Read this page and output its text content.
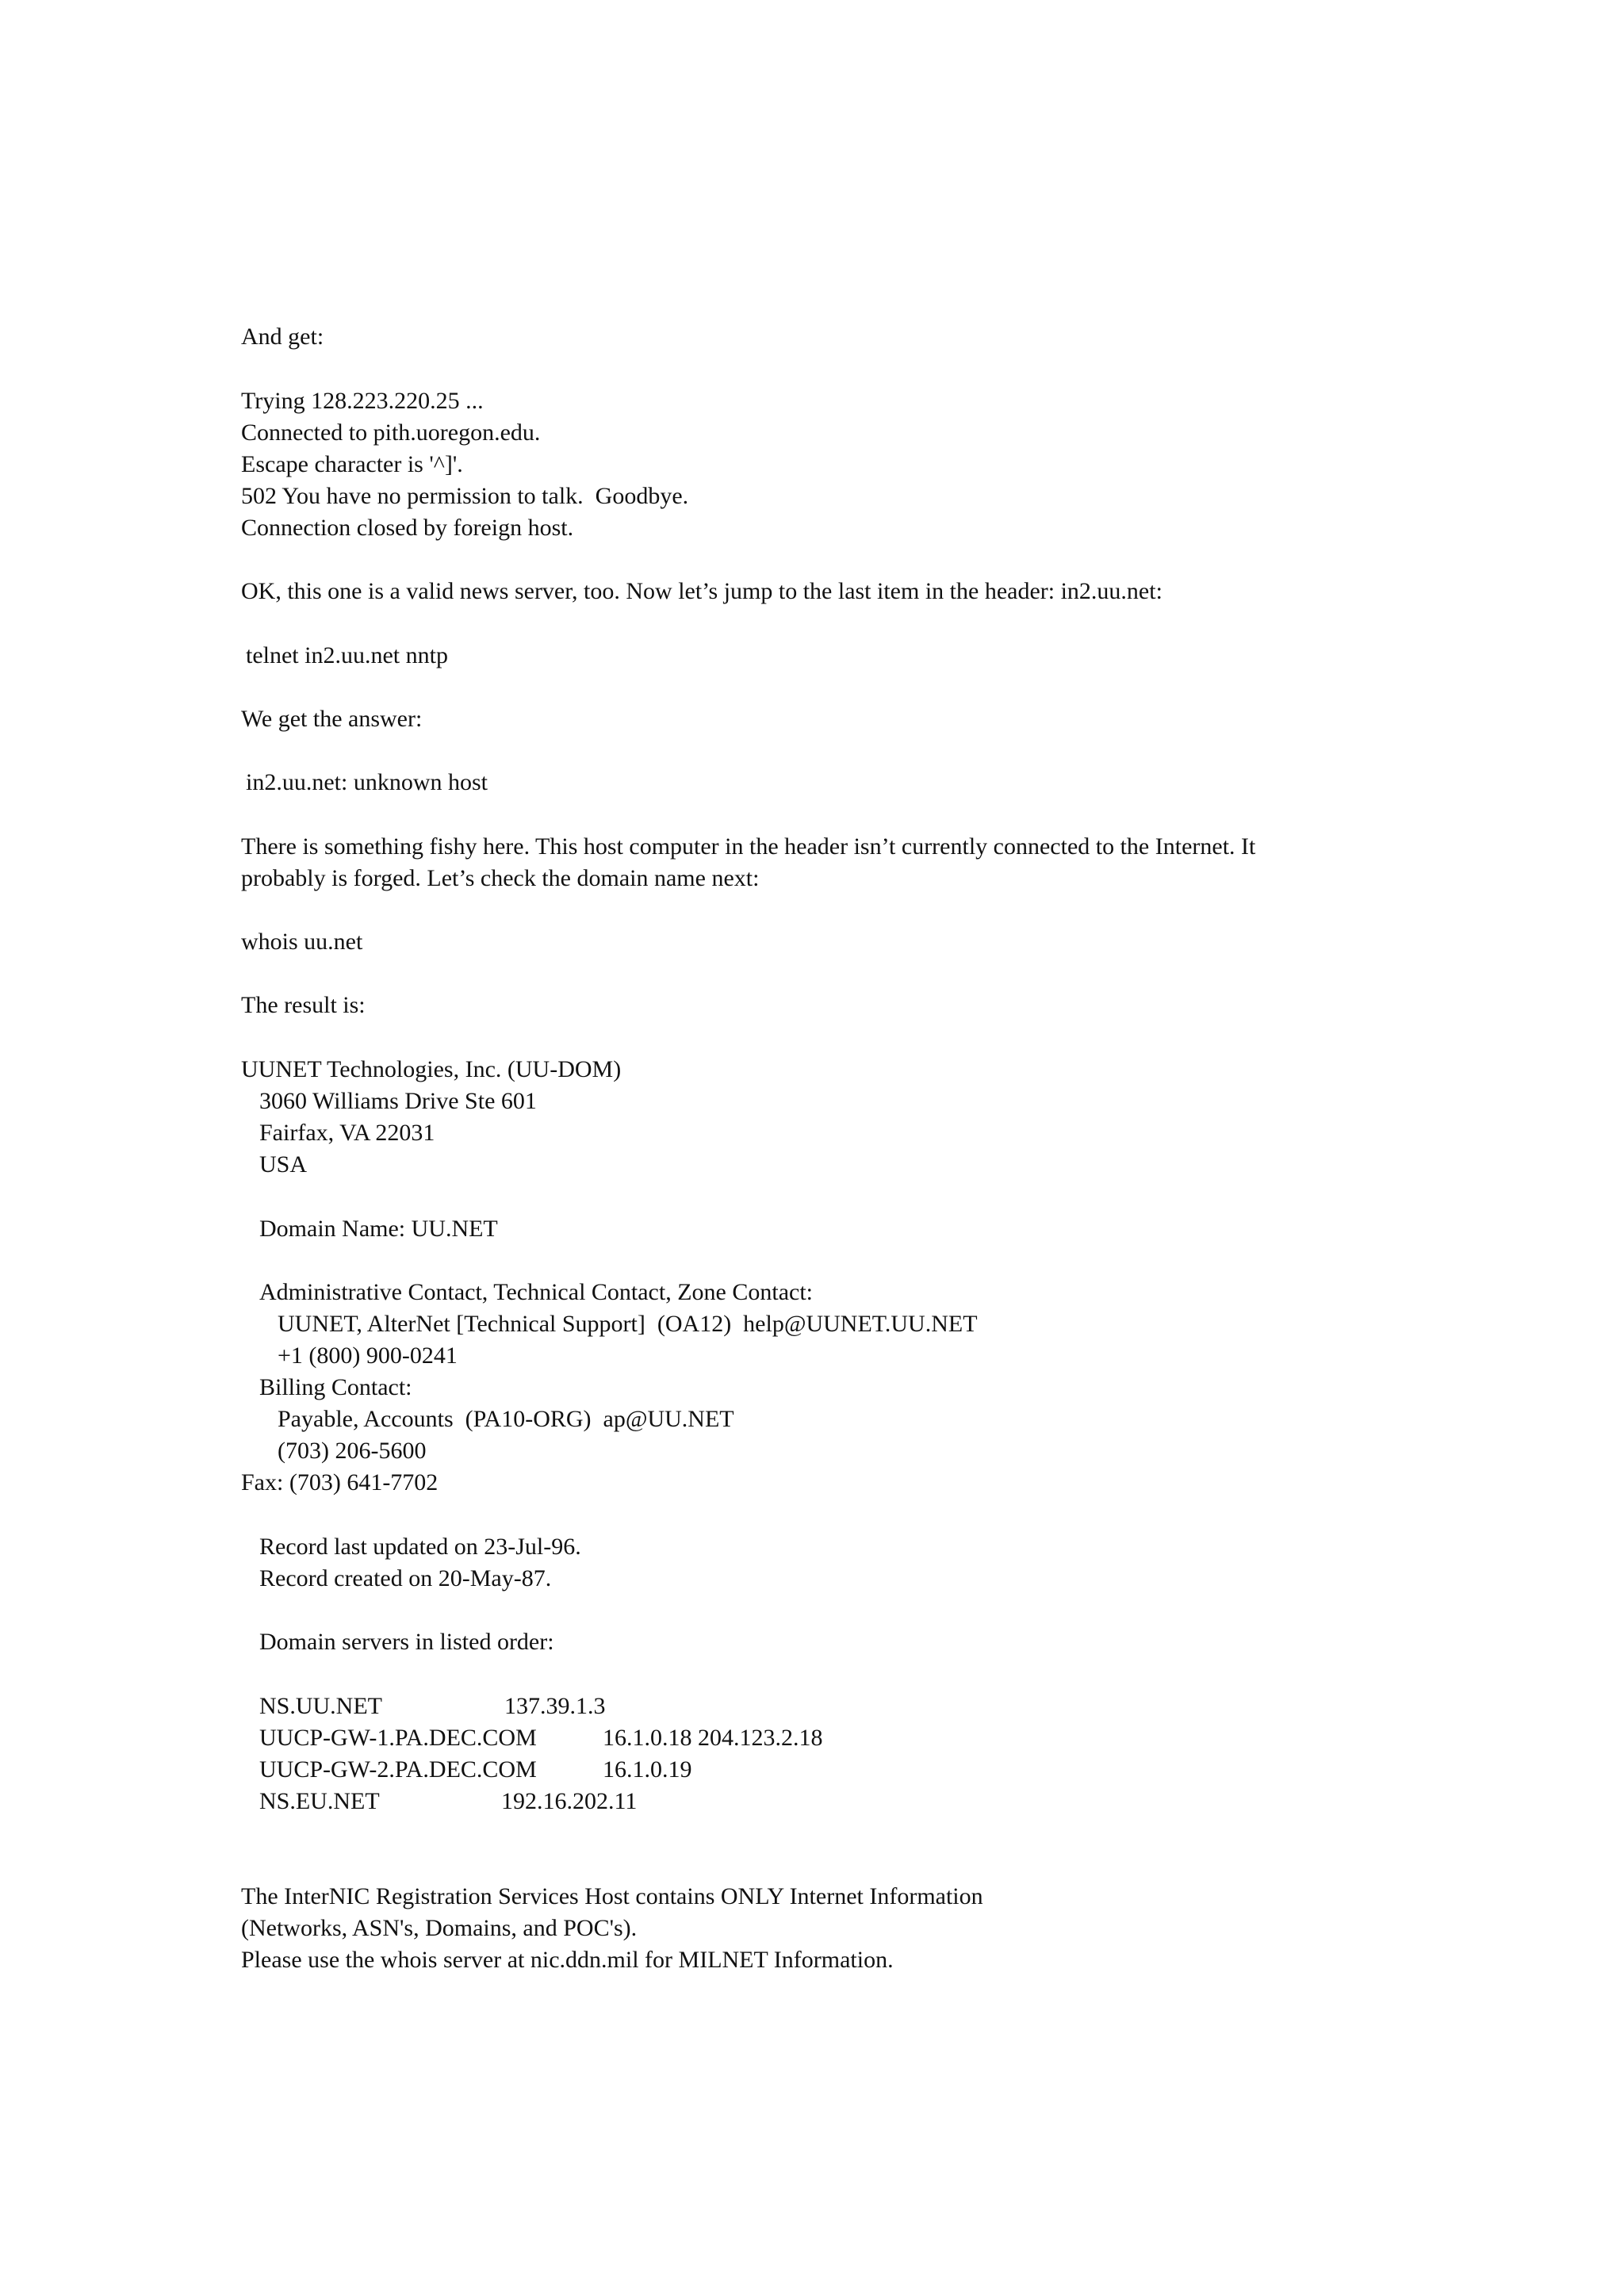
And get:
Trying 128.223.220.25 ...
Connected to pith.uoregon.edu.
Escape character is '^]'.
502 You have no permission to talk.  Goodbye.
Connection closed by foreign host.
OK, this one is a valid news server, too. Now let’s jump to the last item in the header: in2.uu.net:
telnet in2.uu.net nntp
We get the answer:
in2.uu.net: unknown host
There is something fishy here. This host computer in the header isn’t currently connected to the Internet. It
probably is forged. Let’s check the domain name next:
whois uu.net
The result is:
UUNET Technologies, Inc. (UU-DOM)
3060 Williams Drive Ste 601
Fairfax, VA 22031
USA
Domain Name: UU.NET
Administrative Contact, Technical Contact, Zone Contact:
UUNET, AlterNet [Technical Support]  (OA12)  help@UUNET.UU.NET
+1 (800) 900-0241
Billing Contact:
Payable, Accounts  (PA10-ORG)  ap@UU.NET
(703) 206-5600
Fax: (703) 641-7702
Record last updated on 23-Jul-96.
Record created on 20-May-87.
Domain servers in listed order:
NS.UU.NET	137.39.1.3
UUCP-GW-1.PA.DEC.COM	16.1.0.18 204.123.2.18
UUCP-GW-2.PA.DEC.COM	16.1.0.19
NS.EU.NET	192.16.202.11
The InterNIC Registration Services Host contains ONLY Internet Information
(Networks, ASN's, Domains, and POC's).
Please use the whois server at nic.ddn.mil for MILNET Information.
